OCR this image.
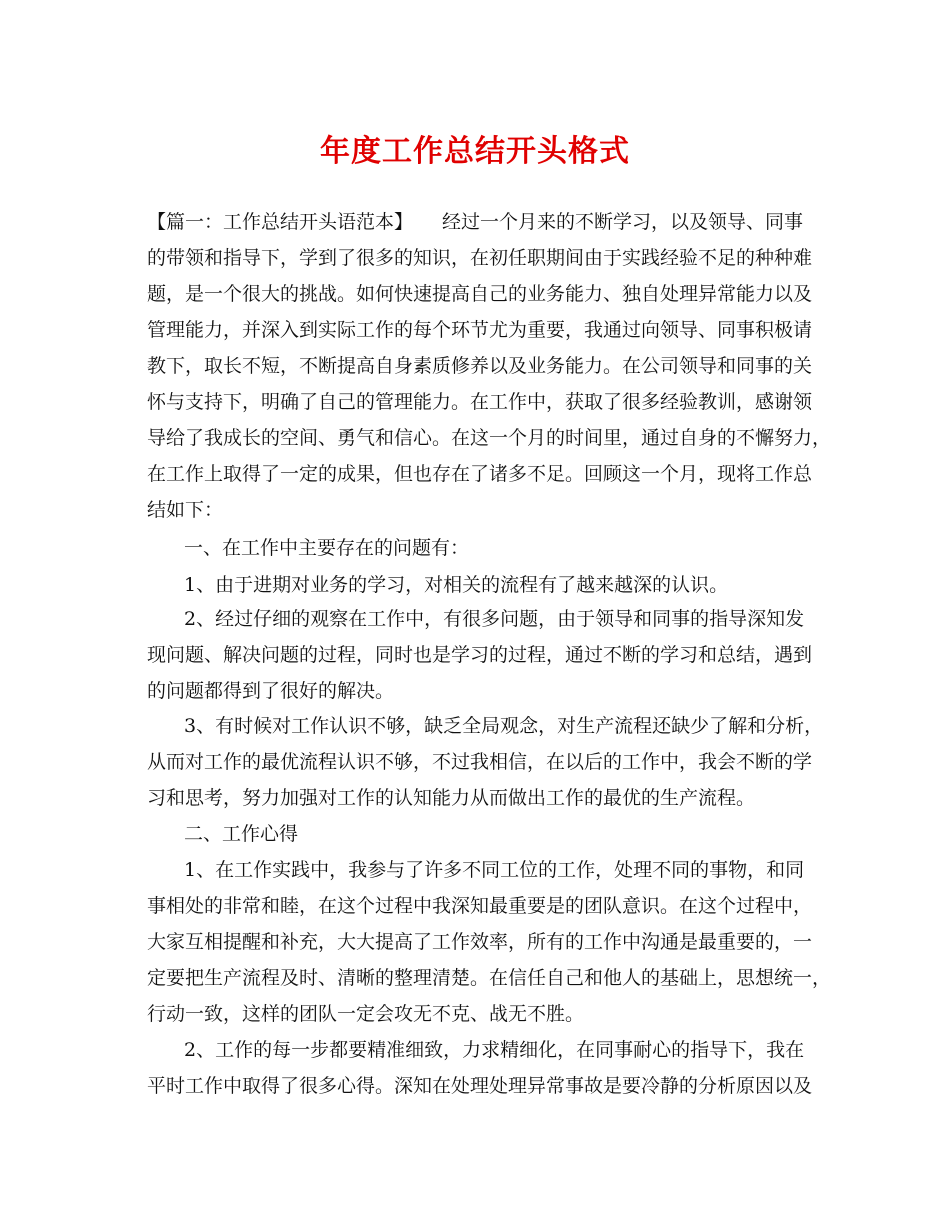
年度工作总结开头格式

【篇一：工作总结开头语范本】 经过一个月来的不断学习，以及领导、同事

的带领和指导下，学到了很多的知识，在初任职期间由于实践经验不足的种种难

题，是一个很大的挑战。如何快速提高自己的业务能力、独自处理异常能力以及

管理能力，并深入到实际工作的每个环节尤为重要，我通过向领导、同事积极请

教下，取长不短，不断提高自身素质修养以及业务能力。在公司领导和同事的关

怀与支持下，明确了自己的管理能力。在工作中，获取了很多经验教训，感谢领

导给了我成长的空间、勇气和信心。在这一个月的时间里，通过自身的不懈努力，

在工作上取得了一定的成果，但也存在了诸多不足。回顾这一个月，现将工作总

结如下：

一、在工作中主要存在的问题有：

1、由于进期对业务的学习，对相关的流程有了越来越深的认识。

2、经过仔细的观察在工作中，有很多问题，由于领导和同事的指导深知发

现问题、解决问题的过程，同时也是学习的过程，通过不断的学习和总结，遇到

的问题都得到了很好的解决。

3、有时候对工作认识不够，缺乏全局观念，对生产流程还缺少了解和分析，

从而对工作的最优流程认识不够，不过我相信，在以后的工作中，我会不断的学

习和思考，努力加强对工作的认知能力从而做出工作的最优的生产流程。

二、工作心得

1、在工作实践中，我参与了许多不同工位的工作，处理不同的事物，和同

事相处的非常和睦，在这个过程中我深知最重要是的团队意识。在这个过程中，

大家互相提醒和补充，大大提高了工作效率，所有的工作中沟通是最重要的，一

定要把生产流程及时、清晰的整理清楚。在信任自己和他人的基础上，思想统一，

行动一致，这样的团队一定会攻无不克、战无不胜。

2、工作的每一步都要精准细致，力求精细化，在同事耐心的指导下，我在

平时工作中取得了很多心得。深知在处理处理异常事故是要冷静的分析原因以及
